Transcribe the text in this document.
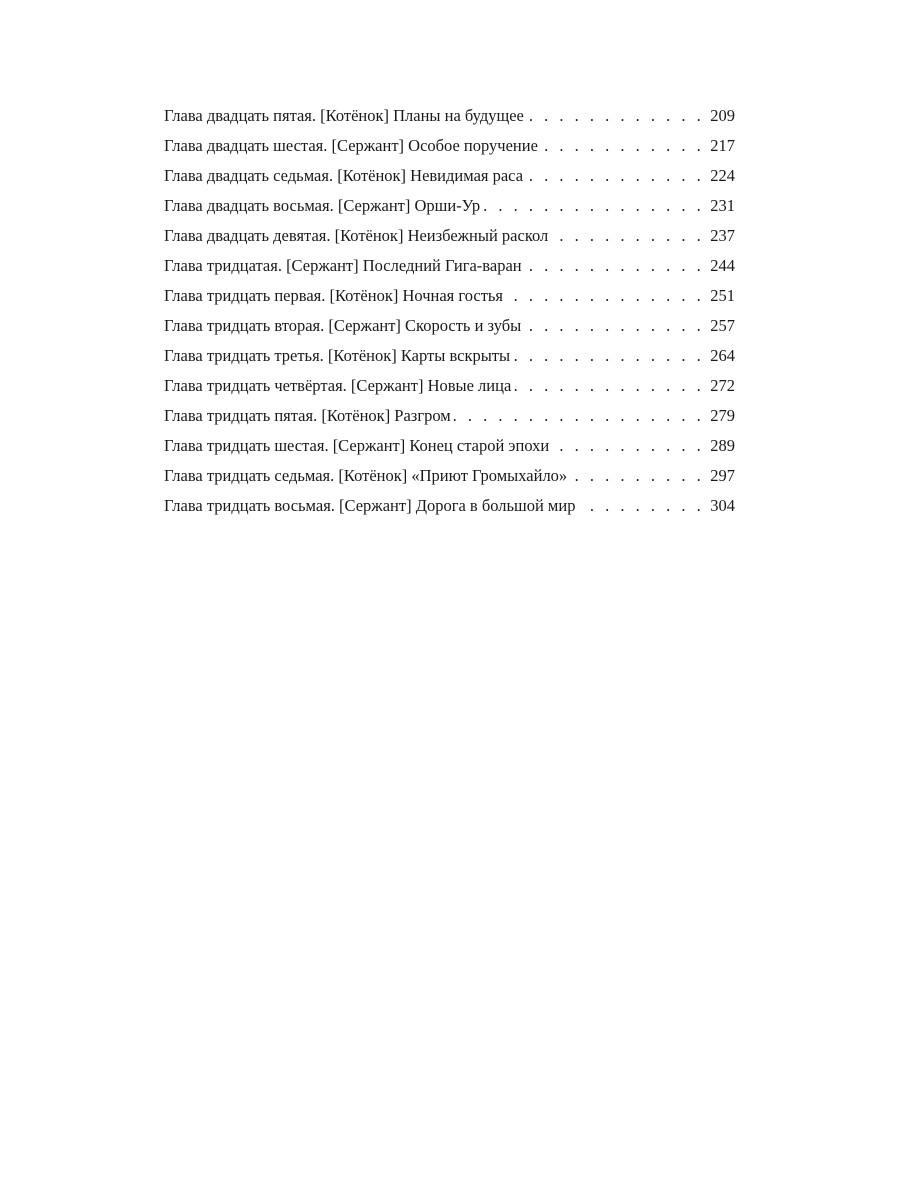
Глава двадцать пятая. [Котёнок] Планы на будущее . . .	209
Глава двадцать шестая. [Сержант] Особое поручение . . .	217
Глава двадцать седьмая. [Котёнок] Невидимая раса . . .	224
Глава двадцать восьмая. [Сержант] Орши-Ур . . .	231
Глава двадцать девятая. [Котёнок] Неизбежный раскол . . .	237
Глава тридцатая. [Сержант] Последний Гига-варан . . .	244
Глава тридцать первая. [Котёнок] Ночная гостья . . .	251
Глава тридцать вторая. [Сержант] Скорость и зубы . . .	257
Глава тридцать третья. [Котёнок] Карты вскрыты . . .	264
Глава тридцать четвёртая. [Сержант] Новые лица . . .	272
Глава тридцать пятая. [Котёнок] Разгром . . .	279
Глава тридцать шестая. [Сержант] Конец старой эпохи . . .	289
Глава тридцать седьмая. [Котёнок] «Приют Громыхайло» . . .	297
Глава тридцать восьмая. [Сержант] Дорога в большой мир . . .	304
